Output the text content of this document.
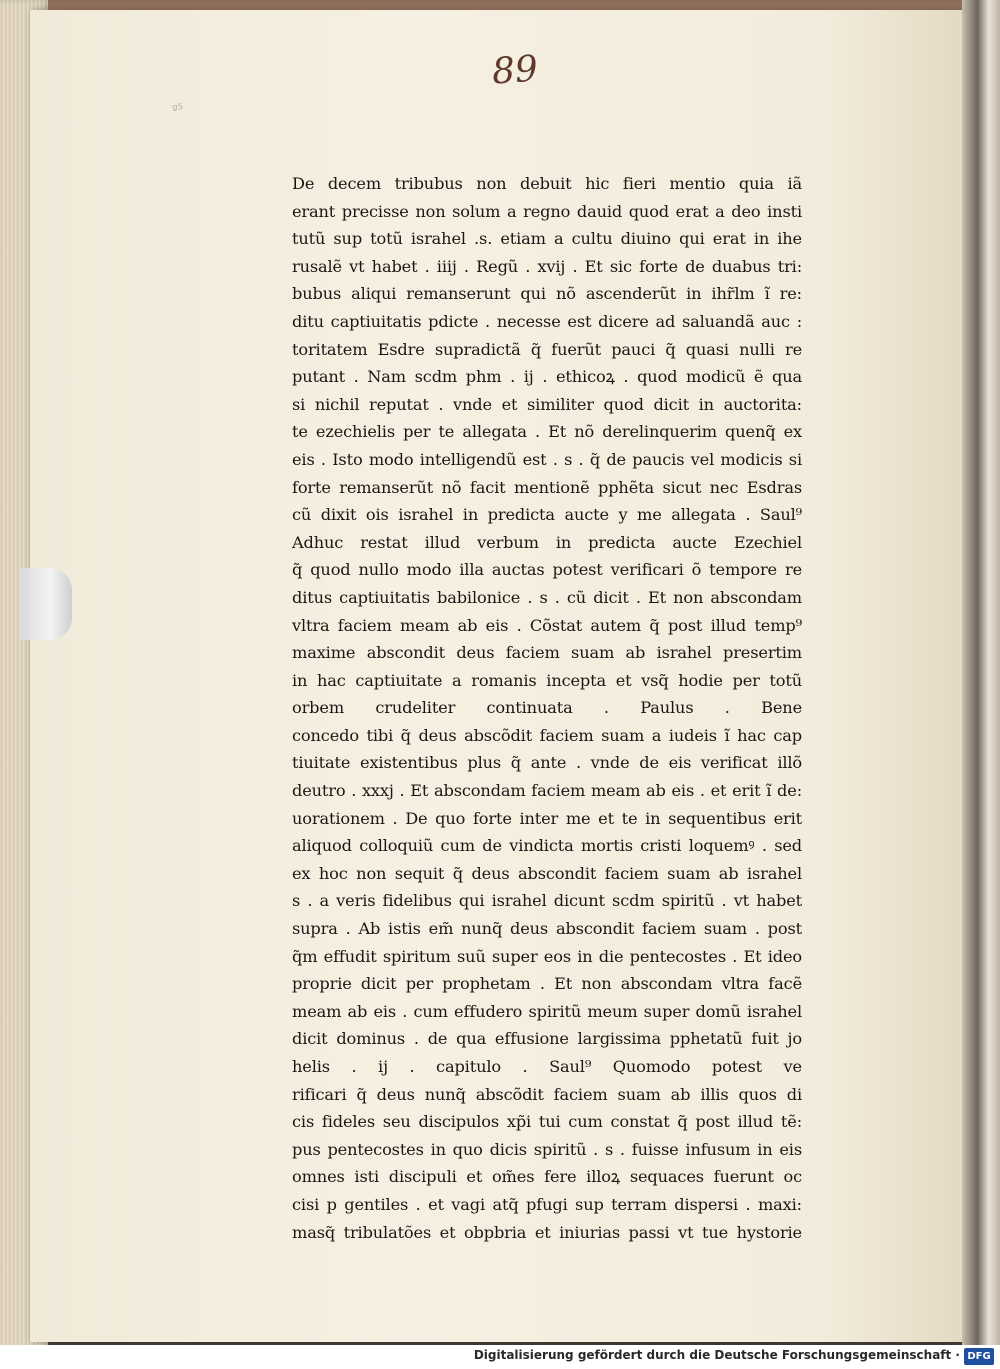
ᵍ⁵
89
De decem tribubus non debuit hic fieri mentio quia iã
erant precisse non solum a regno dauid quod erat a deo insti
tutũ sup totũ israhel .s. etiam a cultu diuino qui erat in ihe
rusalẽ vt habet . iiij . Regũ . xvij . Et sic forte de duabus tri:
bubus aliqui remanserunt qui nõ ascenderũt in ihr̃lm ĩ re:
ditu captiuitatis pdicte . necesse est dicere ad saluandã auc :
toritatem Esdre supradictã q̃ fuerũt pauci q̃ quasi nulli re
putant . Nam scdm phm . ij . ethicoꝝ . quod modicũ ẽ qua
si nichil reputat . vnde et similiter quod dicit in auctorita:
te ezechielis per te allegata . Et nõ derelinquerim quenq̃ ex
eis . Isto modo intelligendũ est . s . q̃ de paucis vel modicis si
forte remanserũt nõ facit mentionẽ pphẽta sicut nec Esdras
cũ dixit ois israhel in predicta aucte y me allegata . Saul⁹
Adhuc restat illud verbum in predicta aucte Ezechiel
q̃ quod nullo modo illa auctas potest verificari õ tempore re
ditus captiuitatis babilonice . s . cũ dicit . Et non abscondam
vltra faciem meam ab eis . Cõstat autem q̃ post illud temp⁹
maxime abscondit deus faciem suam ab israhel presertim
in hac captiuitate a romanis incepta et vsq̃ hodie per totũ
orbem crudeliter continuata . Paulus . Bene
concedo tibi q̃ deus abscõdit faciem suam a iudeis ĩ hac cap
tiuitate existentibus plus q̃ ante . vnde de eis verificat illõ
deutro . xxxj . Et abscondam faciem meam ab eis . et erit ĩ de:
uorationem . De quo forte inter me et te in sequentibus erit
aliquod colloquiũ cum de vindicta mortis cristi loquemꝰ . sed
ex hoc non sequit q̃ deus abscondit faciem suam ab israhel
s . a veris fidelibus qui israhel dicunt scdm spiritũ . vt habet
supra . Ab istis em̃ nunq̃ deus abscondit faciem suam . post
q̃m effudit spiritum suũ super eos in die pentecostes . Et ideo
proprie dicit per prophetam . Et non abscondam vltra facẽ
meam ab eis . cum effudero spiritũ meum super domũ israhel
dicit dominus . de qua effusione largissima pphetatũ fuit jo
helis . ij . capitulo . Saul⁹ Quomodo potest ve
rificari q̃ deus nunq̃ abscõdit faciem suam ab illis quos di
cis fideles seu discipulos xp̃i tui cum constat q̃ post illud tẽ:
pus pentecostes in quo dicis spiritũ . s . fuisse infusum in eis
omnes isti discipuli et om̃es fere illoꝝ sequaces fuerunt oc
cisi p gentiles . et vagi atq̃ pfugi sup terram dispersi . maxi:
masq̃ tribulatões et obpbria et iniurias passi vt tue hystorie
Digitalisierung gefördert durch die Deutsche Forschungsgemeinschaft · DFG
